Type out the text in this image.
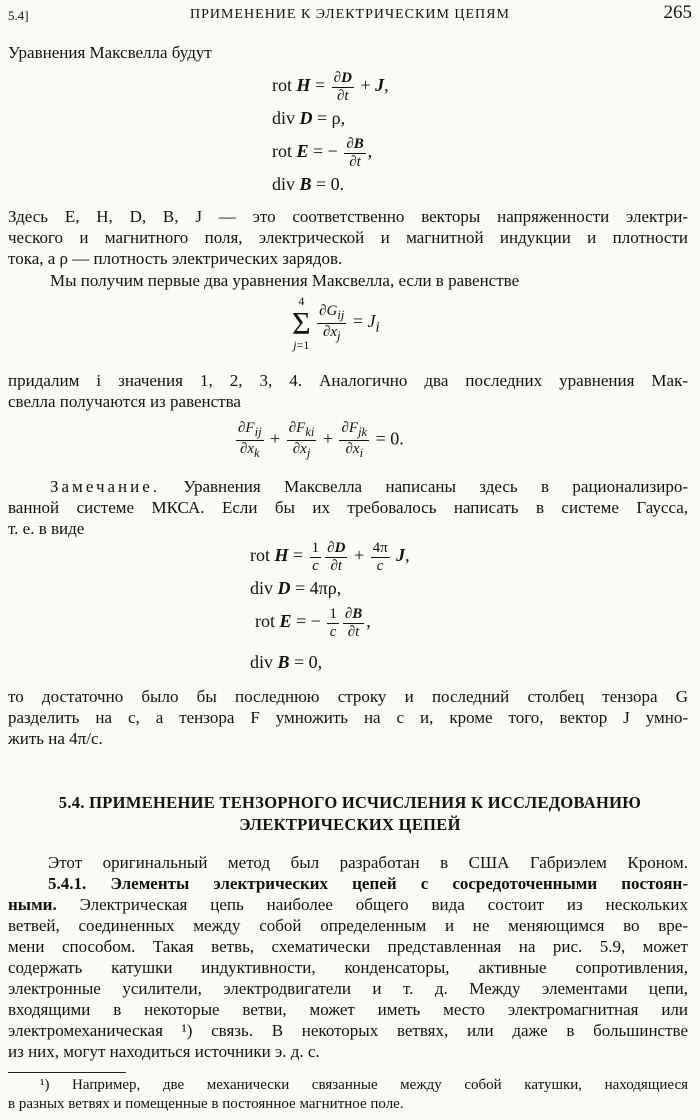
5.4]	ПРИМЕНЕНИЕ К ЭЛЕКТРИЧЕСКИМ ЦЕПЯМ	265
Уравнения Максвелла будут
rot $H = \frac{\partial D}{\partial t} + J$,
div D = ρ,
rot E = − $\frac{\partial B}{\partial t}$ ,
div B = 0.
Здесь E, H, D, B, J — это соответственно векторы напряженности электри-
ческого и магнитного поля, электрической и магнитной индукции и плотности
тока, а ρ — плотность электрических зарядов.
Мы получим первые два уравнения Максвелла, если в равенстве
4
Σ
j=1

$\frac{\partial G_{ij}}{\partial x_j} = J_i$
придалим i значения 1, 2, 3, 4. Аналогично два последних уравнения Мак-
свелла получаются из равенства
$\frac{\partial F_{ij}}{\partial x_k} + \frac{\partial F_{ki}}{\partial x_j} + \frac{\partial F_{jk}}{\partial x_i} = 0$.
Замечание. Уравнения Максвелла написаны здесь в рационализиро-
ванной системе МКСА. Если бы их требовалось написать в системе Гаусса,
т. е. в виде
rot $H = \frac{1}{c} \frac{\partial D}{\partial t} + \frac{4\pi}{c} J$,
div D = 4πρ,
rot E = − $\frac{1}{c} \frac{\partial B}{\partial t}$ ,
div B = 0,
то достаточно было бы последнюю строку и последний столбец тензора G
разделить на c, а тензора F умножить на c и, кроме того, вектор J умно-
жить на 4π/c.
5.4. ПРИМЕНЕНИЕ ТЕНЗОРНОГО ИСЧИСЛЕНИЯ К ИССЛЕДОВАНИЮ
ЭЛЕКТРИЧЕСКИХ ЦЕПЕЙ
Этот оригинальный метод был разработан в США Габриэлем Кроном.
5.4.1. Элементы электрических цепей с сосредоточенными постоян-
ными. Электрическая цепь наиболее общего вида состоит из нескольких
ветвей, соединенных между собой определенным и не меняющимся во вре-
мени способом. Такая ветвь, схематически представленная на рис. 5.9, может
содержать катушки индуктивности, конденсаторы, активные сопротивления,
электронные усилители, электродвигатели и т. д. Между элементами цепи,
входящими в некоторые ветви, может иметь место электромагнитная или
электромеханическая ¹) связь. В некоторых ветвях, или даже в большинстве
из них, могут находиться источники э. д. с.
¹) Например, две механически связанные между собой катушки, находящиеся
в разных ветвях и помещенные в постоянное магнитное поле.
